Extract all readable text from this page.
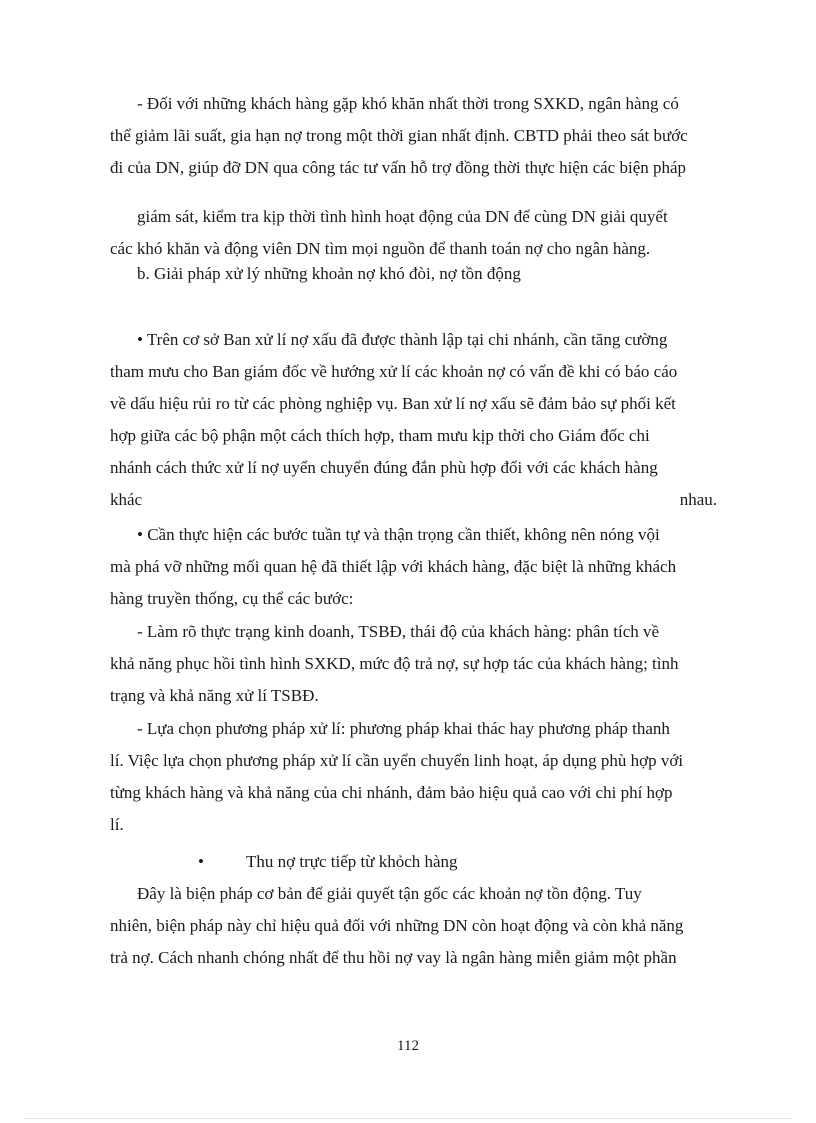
- Đối với những khách hàng gặp khó khăn nhất thời trong SXKD, ngân hàng có
thể giảm lãi suất, gia hạn nợ trong một thời gian nhất định. CBTD phải theo sát bước
đi của DN, giúp đỡ DN qua công tác tư vấn hỗ trợ đồng thời thực hiện các biện pháp
giám sát, kiểm tra kịp thời tình hình hoạt động của DN để cùng DN giải quyết
các khó khăn và động viên DN tìm mọi nguồn để thanh toán nợ cho ngân hàng.
b. Giải pháp xử lý những khoản nợ khó đòi, nợ tồn động
• Trên cơ sở Ban xử lí nợ xấu đã được thành lập tại chi nhánh, cần tăng cường
tham mưu cho Ban giám đốc về hướng xử lí các khoản nợ có vấn đề khi có báo cáo
về dấu hiệu rủi ro từ các phòng nghiệp vụ. Ban xử lí nợ xấu sẽ đảm bảo sự phối kết
hợp giữa các bộ phận một cách thích hợp, tham mưu kịp thời cho Giám đốc chi
nhánh cách thức xử lí nợ uyển chuyển đúng đắn phù hợp đối với các khách hàng
khác	nhau.
• Cần thực hiện các bước tuần tự và thận trọng cần thiết, không nên nóng vội
mà phá vỡ những mối quan hệ đã thiết lập với khách hàng, đặc biệt là những khách
hàng truyền thống, cụ thể các bước:
- Làm rõ thực trạng kinh doanh, TSBĐ, thái độ của khách hàng: phân tích về
khả năng phục hồi tình hình SXKD, mức độ trả nợ, sự hợp tác của khách hàng; tình
trạng và khả năng xử lí TSBĐ.
- Lựa chọn phương pháp xử lí: phương pháp khai thác hay phương pháp thanh
lí. Việc lựa chọn phương pháp xử lí cần uyển chuyển linh hoạt, áp dụng phù hợp với
từng khách hàng và khả năng của chi nhánh, đảm bảo hiệu quả cao với chi phí hợp
lí.
• Thu nợ trực tiếp từ khỏch hàng
Đây là biện pháp cơ bản để giải quyết tận gốc các khoản nợ tồn động. Tuy
nhiên, biện pháp này chỉ hiệu quả đối với những DN còn hoạt động và còn khả năng
trả nợ. Cách nhanh chóng nhất để thu hồi nợ vay là ngân hàng miễn giảm một phần
112
